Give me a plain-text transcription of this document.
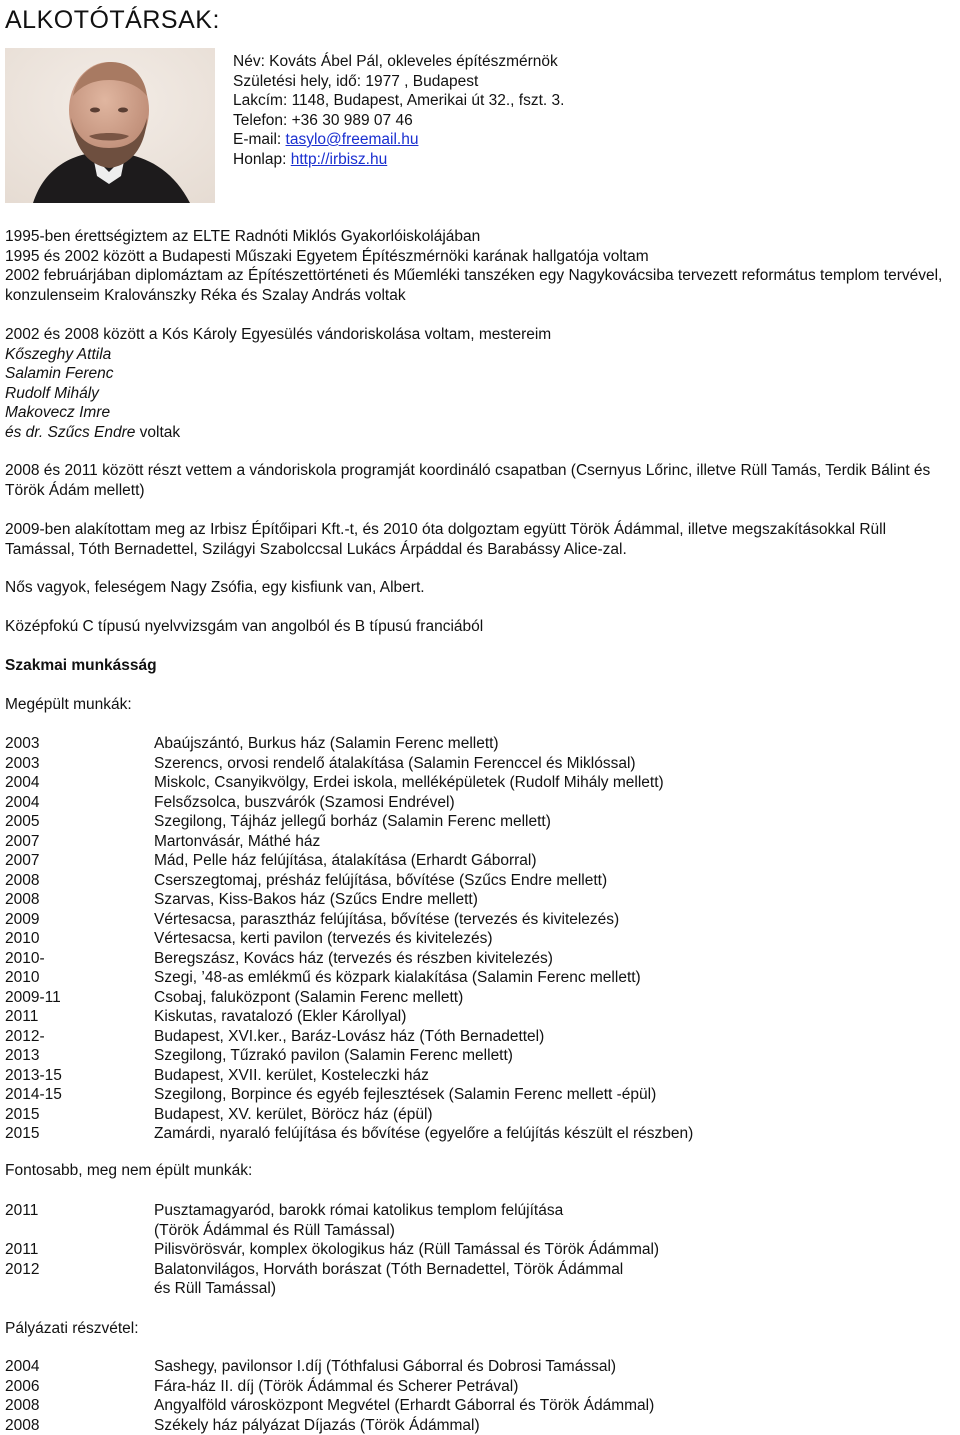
ALKOTÓTÁRSAK:
Név: Kováts Ábel Pál, okleveles építészmérnök
Születési hely, idő: 1977 , Budapest
Lakcím: 1148, Budapest, Amerikai út 32., fszt. 3.
Telefon: +36 30 989 07 46
E-mail: tasylo@freemail.hu
Honlap: http://irbisz.hu
1995-ben érettségiztem az ELTE Radnóti Miklós Gyakorlóiskolájában
1995 és 2002 között a Budapesti Műszaki Egyetem Építészmérnöki karának hallgatója voltam
2002 februárjában diplomáztam az Építészettörténeti és Műemléki tanszéken egy Nagykovácsiba tervezett református templom tervével, konzulenseim Kralovánszky Réka és Szalay András voltak
2002 és 2008 között a Kós Károly Egyesülés vándoriskolása voltam, mestereim
Kőszeghy Attila
Salamin Ferenc
Rudolf Mihály
Makovecz Imre
és dr. Szűcs Endre voltak
2008 és 2011 között részt vettem a vándoriskola programját koordináló csapatban (Csernyus Lőrinc, illetve Rüll Tamás, Terdik Bálint és Török Ádám mellett)
2009-ben alakítottam meg az Irbisz Építőipari Kft.-t, és 2010 óta dolgoztam együtt Török Ádámmal, illetve megszakításokkal Rüll Tamással, Tóth Bernadettel, Szilágyi Szabolccsal Lukács Árpáddal és Barabássy Alice-zal.
Nős vagyok, feleségem Nagy Zsófia, egy kisfiunk van, Albert.
Középfokú C típusú nyelvvizsgám van angolból és B típusú franciából
Szakmai munkásság
Megépült munkák:
2003	Abaújszántó, Burkus ház (Salamin Ferenc mellett)
2003	Szerencs, orvosi rendelő átalakítása (Salamin Ferenccel és Miklóssal)
2004	Miskolc, Csanyikvölgy, Erdei iskola, melléképületek (Rudolf Mihály mellett)
2004	Felsőzsolca, buszvárók (Szamosi Endrével)
2005	Szegilong, Tájház jellegű borház (Salamin Ferenc mellett)
2007	Martonvásár, Máthé ház
2007	Mád, Pelle ház felújítása, átalakítása (Erhardt Gáborral)
2008	Cserszegtomaj, présház felújítása, bővítése (Szűcs Endre mellett)
2008	Szarvas, Kiss-Bakos ház (Szűcs Endre mellett)
2009	Vértesacsa, parasztház felújítása, bővítése (tervezés és kivitelezés)
2010	Vértesacsa, kerti pavilon (tervezés és kivitelezés)
2010-	Beregszász, Kovács ház (tervezés és részben kivitelezés)
2010	Szegi, ’48-as emlékmű és közpark kialakítása (Salamin Ferenc mellett)
2009-11	Csobaj, faluközpont (Salamin Ferenc mellett)
2011	Kiskutas, ravatalozó (Ekler Károllyal)
2012-	Budapest, XVI.ker., Baráz-Lovász ház (Tóth Bernadettel)
2013	Szegilong, Tűzrakó pavilon (Salamin Ferenc mellett)
2013-15	Budapest, XVII. kerület, Kosteleczki ház
2014-15	Szegilong, Borpince és egyéb fejlesztések (Salamin Ferenc mellett -épül)
2015	Budapest, XV. kerület, Böröcz ház (épül)
2015	Zamárdi, nyaraló felújítása és bővítése (egyelőre a felújítás készült el részben)
Fontosabb, meg nem épült munkák:
2011	Pusztamagyaród, barokk római katolikus templom felújítása
(Török Ádámmal és Rüll Tamással)
2011	Pilisvörösvár, komplex ökologikus ház (Rüll Tamással és Török Ádámmal)
2012	Balatonvilágos, Horváth borászat (Tóth Bernadettel, Török Ádámmal
és Rüll Tamással)
Pályázati részvétel:
2004	Sashegy, pavilonsor I.díj (Tóthfalusi Gáborral és Dobrosi Tamással)
2006	Fára-ház II. díj (Török Ádámmal és Scherer Petrával)
2008	Angyalföld városközpont Megvétel (Erhardt Gáborral és Török Ádámmal)
2008	Székely ház pályázat Díjazás (Török Ádámmal)
